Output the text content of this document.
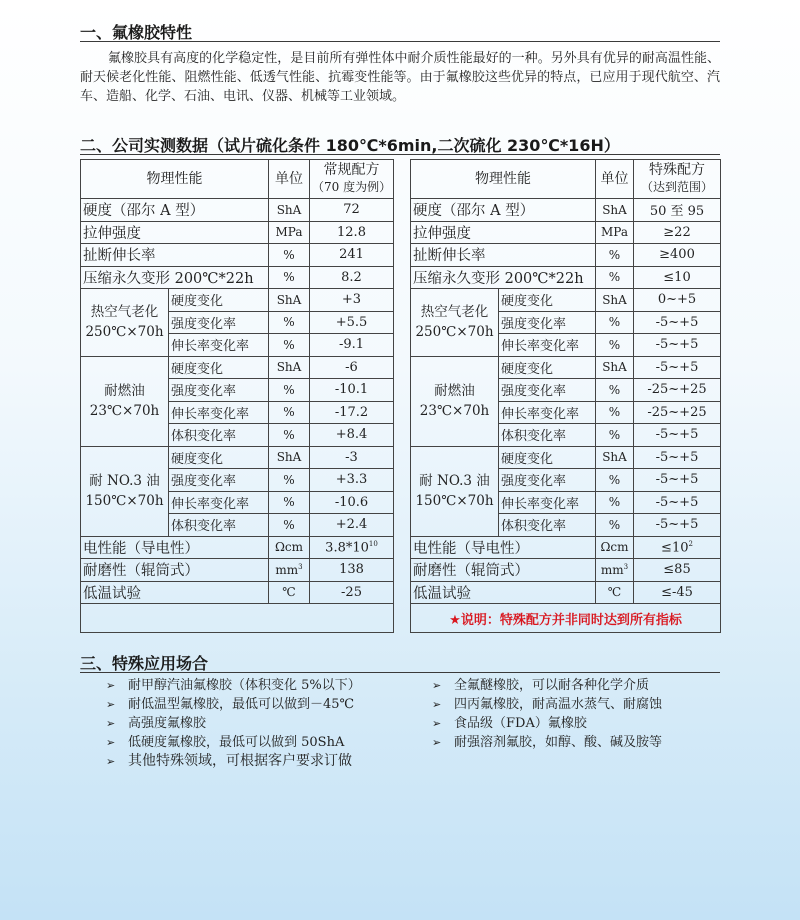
一、氟橡胶特性
氟橡胶具有高度的化学稳定性，是目前所有弹性体中耐介质性能最好的一种。另外具有优异的耐高温性能、耐天候老化性能、阻燃性能、低透气性能、抗霉变性能等。由于氟橡胶这些优异的特点，已应用于现代航空、汽车、造船、化学、石油、电讯、仪器、机械等工业领域。
二、公司实测数据（试片硫化条件 180℃*6min,二次硫化 230℃*16H）
物理性能		单位	常规配方
（70 度为例）

硬度（邵尔 A 型）		ShA	72
拉伸强度		MPa	12.8
扯断伸长率		%	241
压缩永久变形 200℃*22h		%	8.2

热空气老化
250℃×70h	硬度变化	ShA	+3
	强度变化率	%	+5.5
	伸长率变化率	%	-9.1

耐燃油
23℃×70h	硬度变化	ShA	-6
	强度变化率	%	-10.1
	伸长率变化率	%	-17.2
	体积变化率	%	+8.4

耐 NO.3 油
150℃×70h	硬度变化	ShA	-3
	强度变化率	%	+3.3
	伸长率变化率	%	-10.6
	体积变化率	%	+2.4
电性能（导电性）		Ωcm	$3.8*10^{10}$
耐磨性（辊筒式）		$mm^3$	138
低温试验		℃	-25

物理性能		单位	特殊配方
（达到范围）

硬度（邵尔 A 型）		ShA	50 至 95
拉伸强度		MPa	≥22
扯断伸长率		%	≥400
压缩永久变形 200℃*22h		%	≤10

热空气老化
250℃×70h	硬度变化	ShA	0~+5
	强度变化率	%	-5~+5
	伸长率变化率	%	-5~+5

耐燃油
23℃×70h	硬度变化	ShA	-5~+5
	强度变化率	%	-25~+25
	伸长率变化率	%	-25~+25
	体积变化率	%	-5~+5

耐 NO.3 油
150℃×70h	硬度变化	ShA	-5~+5
	强度变化率	%	-5~+5
	伸长率变化率	%	-5~+5
	体积变化率	%	-5~+5
电性能（导电性）		Ωcm	$\le 10^2$
耐磨性（辊筒式）		$mm^3$	≤85
低温试验		℃	≤-45
★说明：特殊配方并非同时达到所有指标			
三、特殊应用场合
➢ 耐甲醇汽油氟橡胶（体积变化 5%以下）
➢ 耐低温型氟橡胶，最低可以做到－45℃
➢ 高强度氟橡胶
➢ 低硬度氟橡胶，最低可以做到 50ShA
➢ 其他特殊领域，可根据客户要求订做
➢ 全氟醚橡胶，可以耐各种化学介质
➢ 四丙氟橡胶，耐高温水蒸气、耐腐蚀
➢ 食品级（FDA）氟橡胶
➢ 耐强溶剂氟胶，如醇、酸、碱及胺等
